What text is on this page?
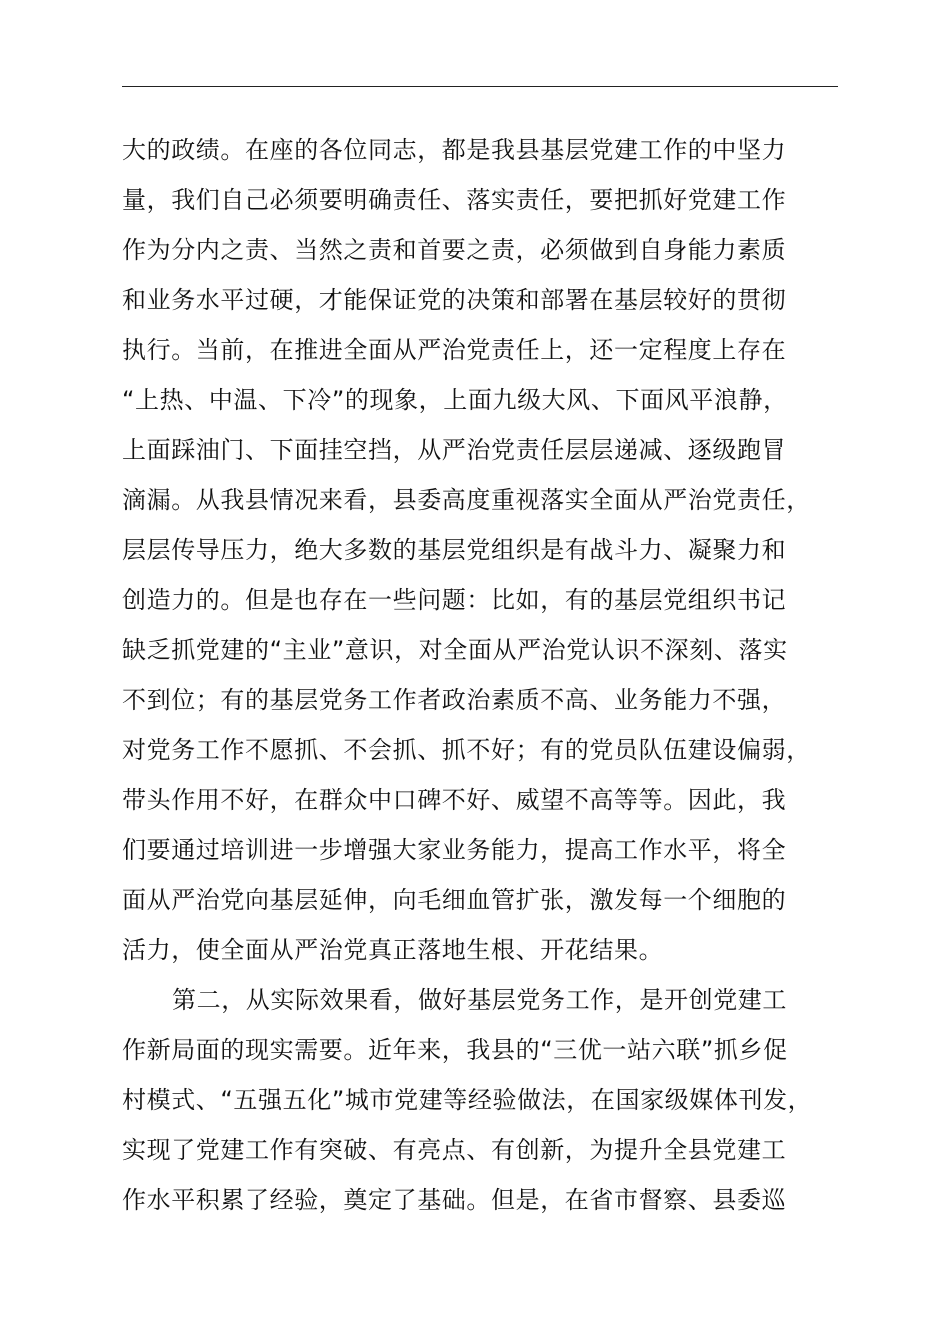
大的政绩。在座的各位同志，都是我县基层党建工作的中坚力
量，我们自己必须要明确责任、落实责任，要把抓好党建工作
作为分内之责、当然之责和首要之责，必须做到自身能力素质
和业务水平过硬，才能保证党的决策和部署在基层较好的贯彻
执行。当前，在推进全面从严治党责任上，还一定程度上存在
“上热、中温、下冷”的现象，上面九级大风、下面风平浪静，
上面踩油门、下面挂空挡，从严治党责任层层递减、逐级跑冒
滴漏。从我县情况来看，县委高度重视落实全面从严治党责任，
层层传导压力，绝大多数的基层党组织是有战斗力、凝聚力和
创造力的。但是也存在一些问题：比如，有的基层党组织书记
缺乏抓党建的“主业”意识，对全面从严治党认识不深刻、落实
不到位；有的基层党务工作者政治素质不高、业务能力不强，
对党务工作不愿抓、不会抓、抓不好；有的党员队伍建设偏弱，
带头作用不好，在群众中口碑不好、威望不高等等。因此，我
们要通过培训进一步增强大家业务能力，提高工作水平，将全
面从严治党向基层延伸，向毛细血管扩张，激发每一个细胞的
活力，使全面从严治党真正落地生根、开花结果。
第二，从实际效果看，做好基层党务工作，是开创党建工
作新局面的现实需要。近年来，我县的“三优一站六联”抓乡促
村模式、“五强五化”城市党建等经验做法，在国家级媒体刊发，
实现了党建工作有突破、有亮点、有创新，为提升全县党建工
作水平积累了经验，奠定了基础。但是，在省市督察、县委巡
